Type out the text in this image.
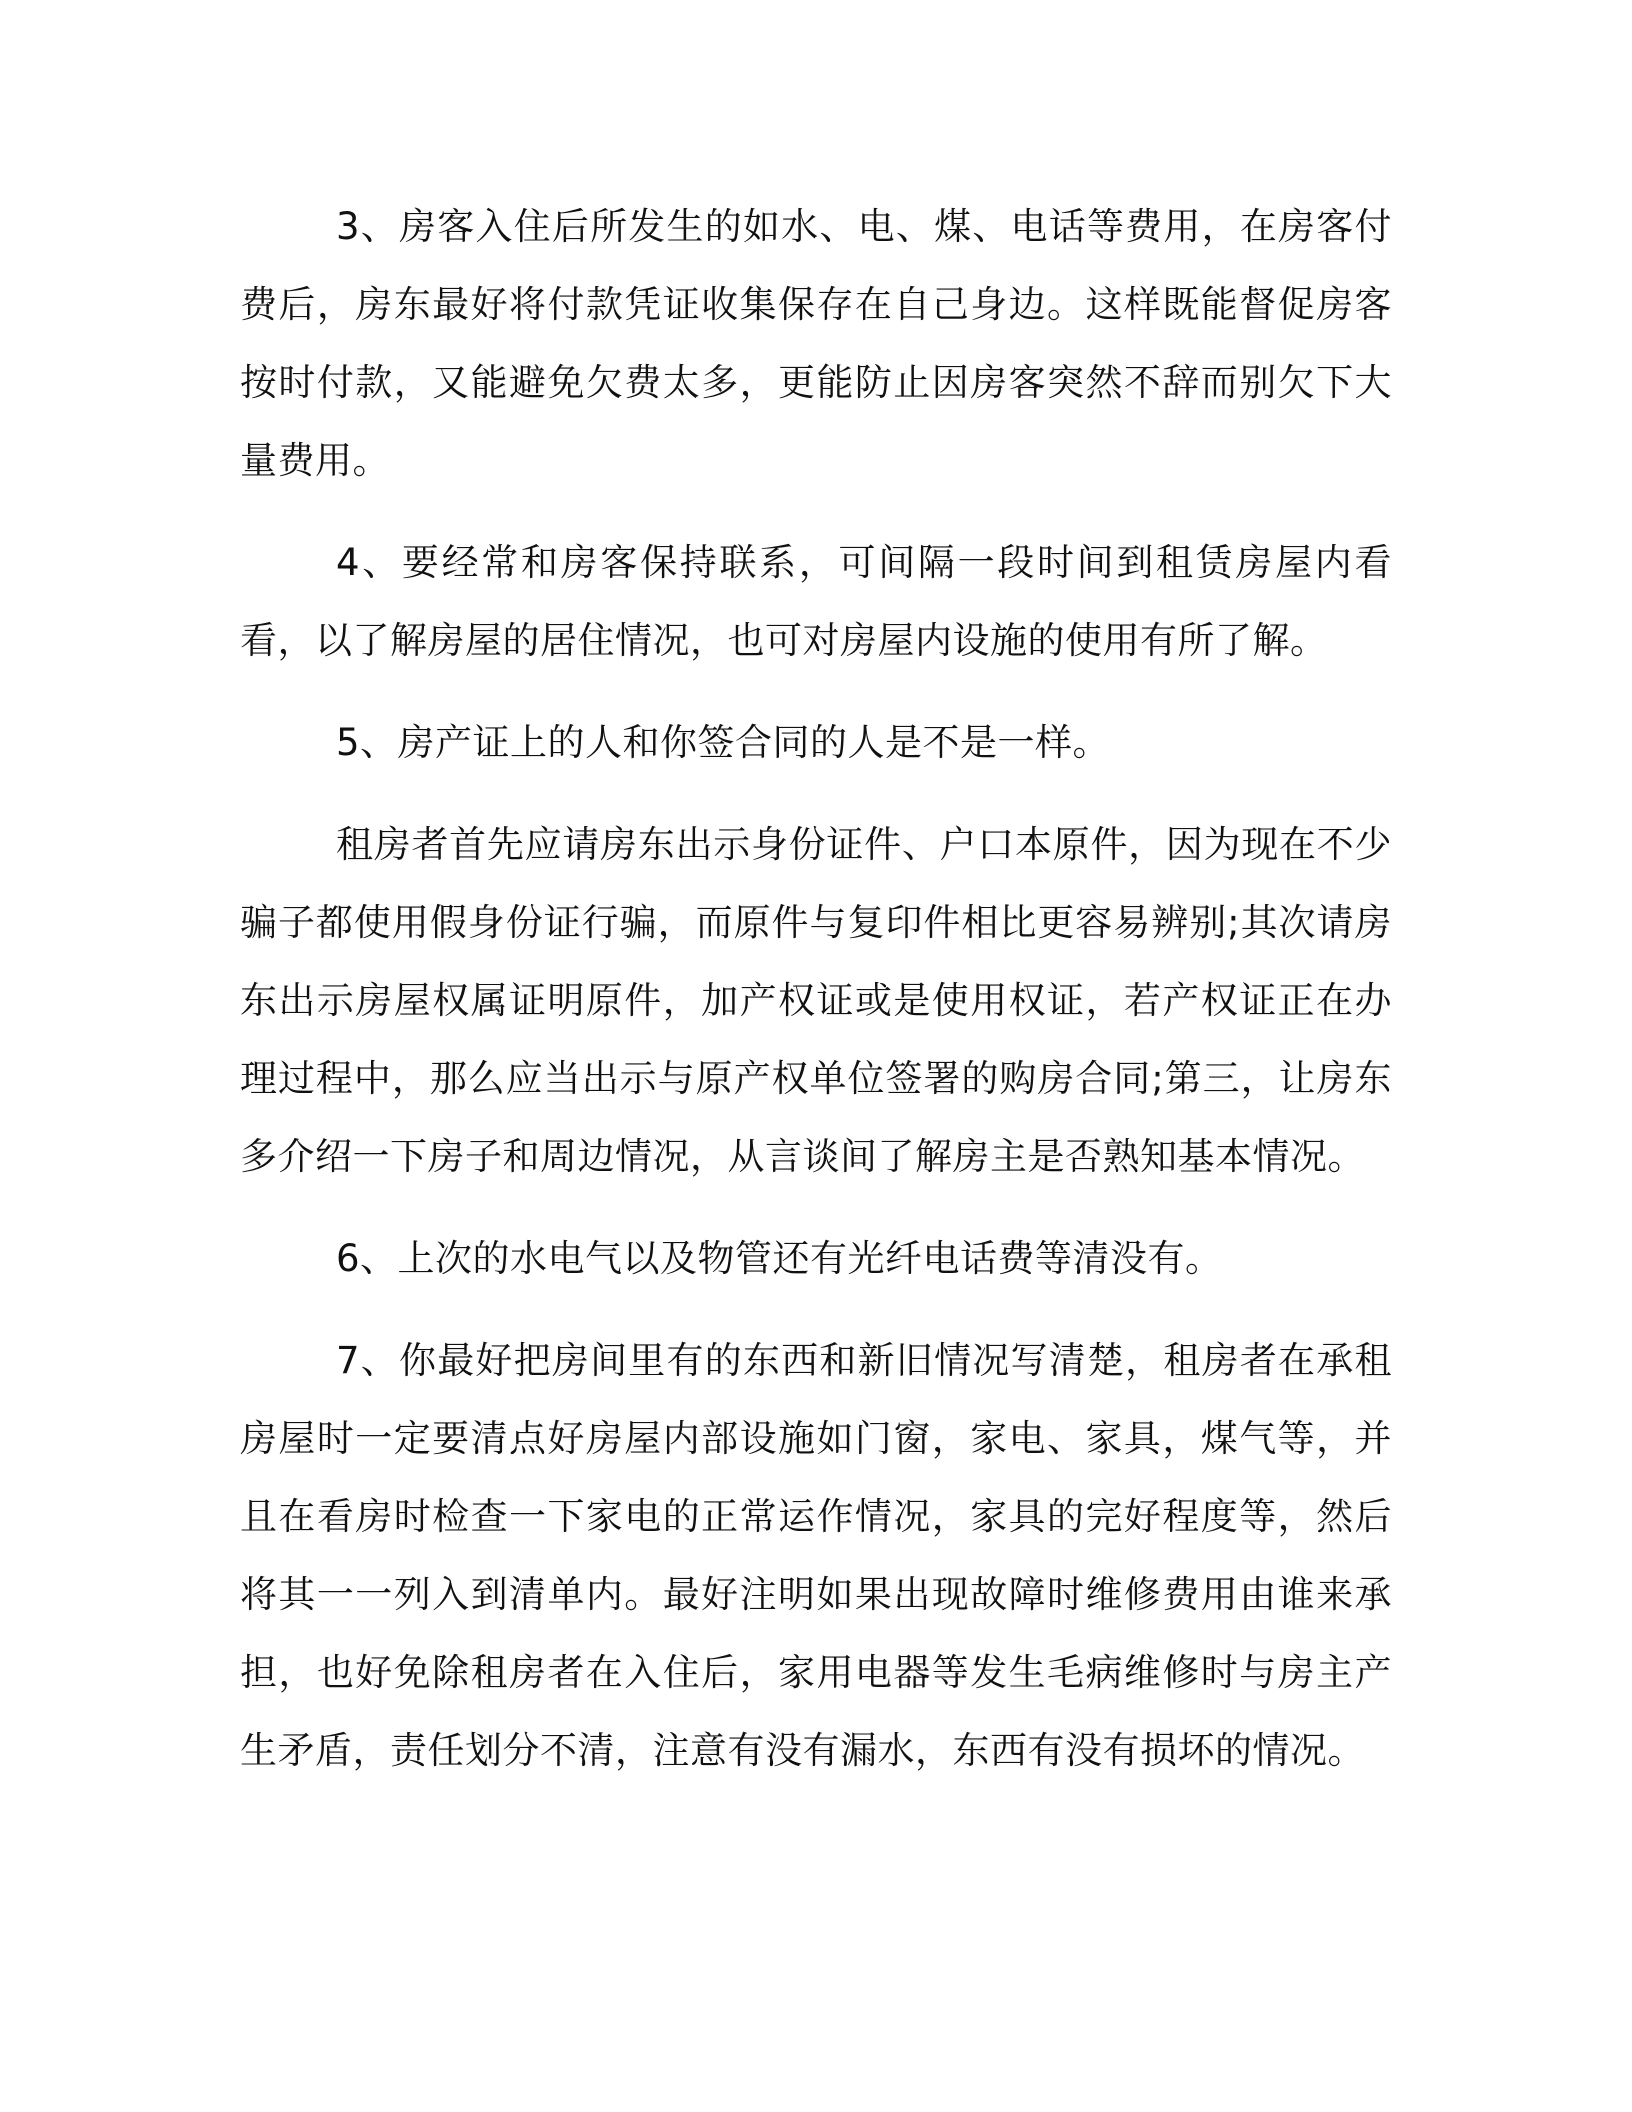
3、房客入住后所发生的如水、电、煤、电话等费用，在房客付费后，房东最好将付款凭证收集保存在自己身边。这样既能督促房客按时付款，又能避免欠费太多，更能防止因房客突然不辞而别欠下大量费用。

4、要经常和房客保持联系，可间隔一段时间到租赁房屋内看看，以了解房屋的居住情况，也可对房屋内设施的使用有所了解。

5、房产证上的人和你签合同的人是不是一样。

租房者首先应请房东出示身份证件、户口本原件，因为现在不少骗子都使用假身份证行骗，而原件与复印件相比更容易辨别;其次请房东出示房屋权属证明原件，加产权证或是使用权证，若产权证正在办理过程中，那么应当出示与原产权单位签署的购房合同;第三，让房东多介绍一下房子和周边情况，从言谈间了解房主是否熟知基本情况。

6、上次的水电气以及物管还有光纤电话费等清没有。

7、你最好把房间里有的东西和新旧情况写清楚，租房者在承租房屋时一定要清点好房屋内部设施如门窗，家电、家具，煤气等，并且在看房时检查一下家电的正常运作情况，家具的完好程度等，然后将其一一列入到清单内。最好注明如果出现故障时维修费用由谁来承担，也好免除租房者在入住后，家用电器等发生毛病维修时与房主产生矛盾，责任划分不清，注意有没有漏水，东西有没有损坏的情况。
